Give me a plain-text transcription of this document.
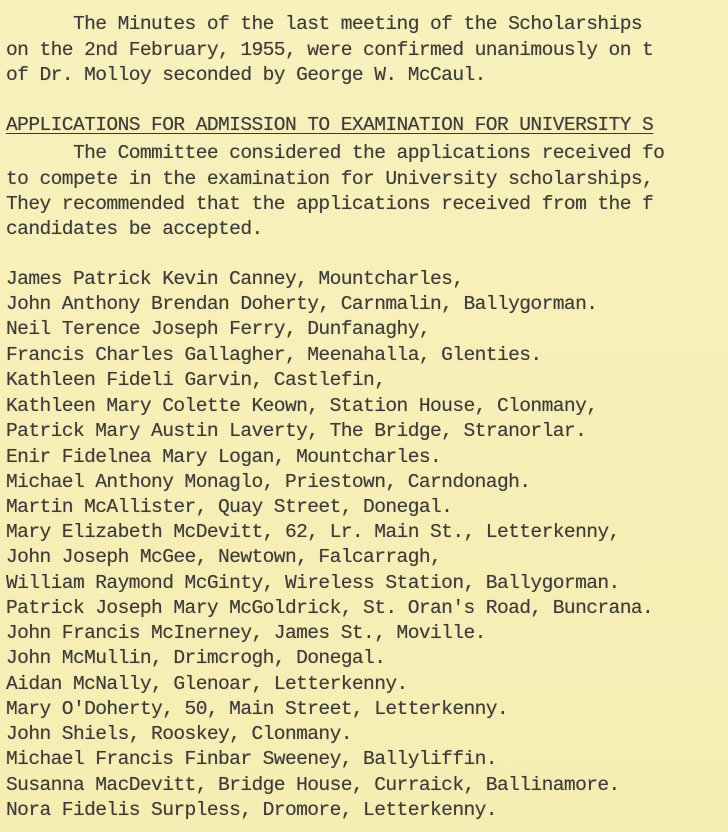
The Minutes of the last meeting of the Scholarships
on the 2nd February, 1955, were confirmed unanimously on t
of Dr. Molloy seconded by George W. McCaul.
APPLICATIONS FOR ADMISSION TO EXAMINATION FOR UNIVERSITY S
The Committee considered the applications received fo
to compete in the examination for University scholarships,
They recommended that the applications received from the f
candidates be accepted.
James Patrick Kevin Canney, Mountcharles,
John Anthony Brendan Doherty, Carnmalin, Ballygorman.
Neil Terence Joseph Ferry, Dunfanaghy,
Francis Charles Gallagher, Meenahalla, Glenties.
Kathleen Fideli Garvin, Castlefin,
Kathleen Mary Colette Keown, Station House, Clonmany,
Patrick Mary Austin Laverty, The Bridge, Stranorlar.
Enir Fidelnea Mary Logan, Mountcharles.
Michael Anthony Monaglo, Priestown, Carndonagh.
Martin McAllister, Quay Street, Donegal.
Mary Elizabeth McDevitt, 62, Lr. Main St., Letterkenny,
John Joseph McGee, Newtown, Falcarragh,
William Raymond McGinty, Wireless Station, Ballygorman.
Patrick Joseph Mary McGoldrick, St. Oran's Road, Buncrana.
John Francis McInerney, James St., Moville.
John McMullin, Drimcrogh, Donegal.
Aidan McNally, Glenoar, Letterkenny.
Mary O'Doherty, 50, Main Street, Letterkenny.
John Shiels, Rooskey, Clonmany.
Michael Francis Finbar Sweeney, Ballyliffin.
Susanna MacDevitt, Bridge House, Curraick, Ballinamore.
Nora Fidelis Surpless, Dromore, Letterkenny.
